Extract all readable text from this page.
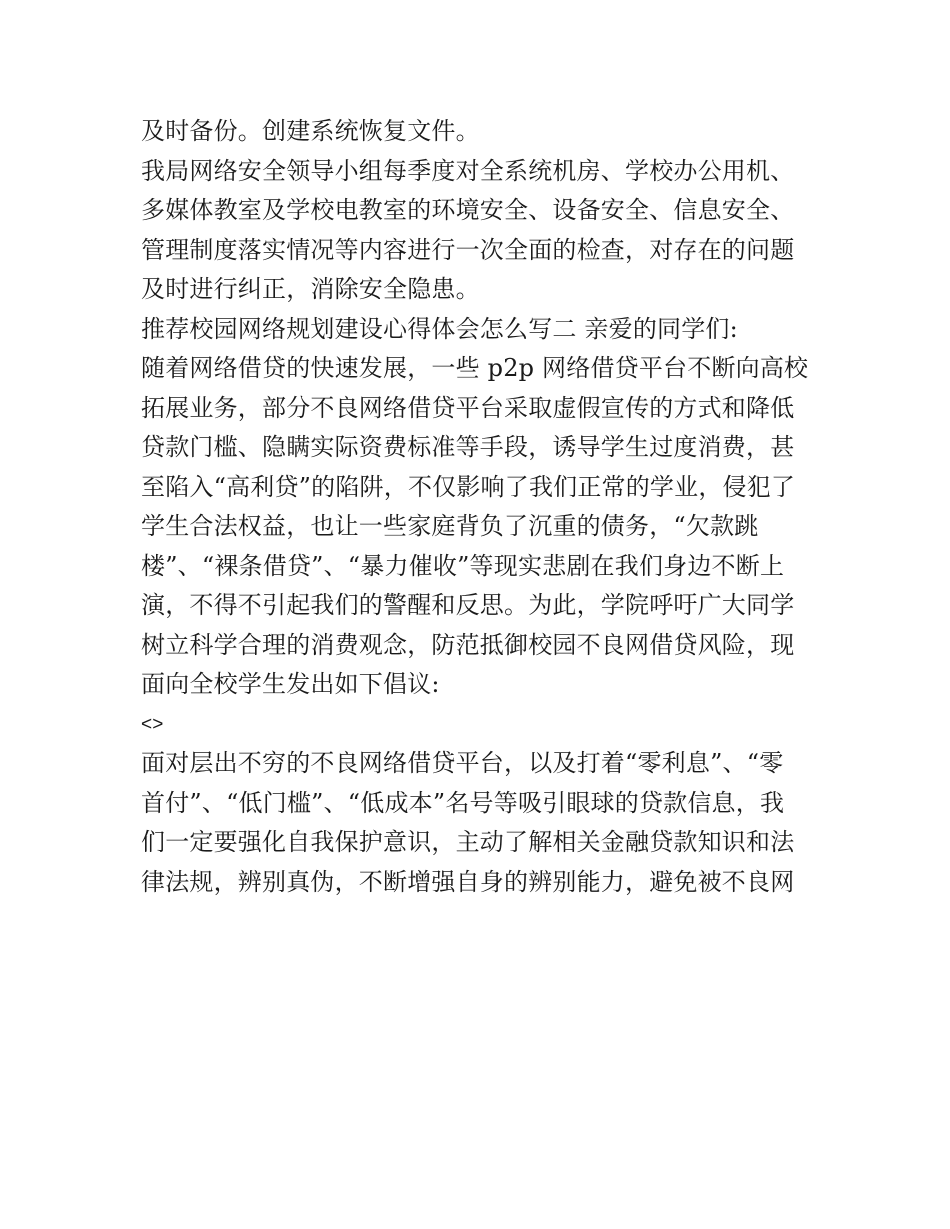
及时备份。创建系统恢复文件。

我局网络安全领导小组每季度对全系统机房、学校办公用机、

多媒体教室及学校电教室的环境安全、设备安全、信息安全、

管理制度落实情况等内容进行一次全面的检查，对存在的问题

及时进行纠正，消除安全隐患。

推荐校园网络规划建设心得体会怎么写二 亲爱的同学们:

随着网络借贷的快速发展，一些 p2p 网络借贷平台不断向高校

拓展业务，部分不良网络借贷平台采取虚假宣传的方式和降低

贷款门槛、隐瞒实际资费标准等手段，诱导学生过度消费，甚

至陷入“高利贷”的陷阱，不仅影响了我们正常的学业，侵犯了

学生合法权益，也让一些家庭背负了沉重的债务，“欠款跳

楼”、“裸条借贷”、“暴力催收”等现实悲剧在我们身边不断上

演，不得不引起我们的警醒和反思。为此，学院呼吁广大同学

树立科学合理的消费观念，防范抵御校园不良网借贷风险，现

面向全校学生发出如下倡议:

<>

面对层出不穷的不良网络借贷平台，以及打着“零利息”、“零

首付”、“低门槛”、“低成本”名号等吸引眼球的贷款信息，我

们一定要强化自我保护意识，主动了解相关金融贷款知识和法

律法规，辨别真伪，不断增强自身的辨别能力，避免被不良网
